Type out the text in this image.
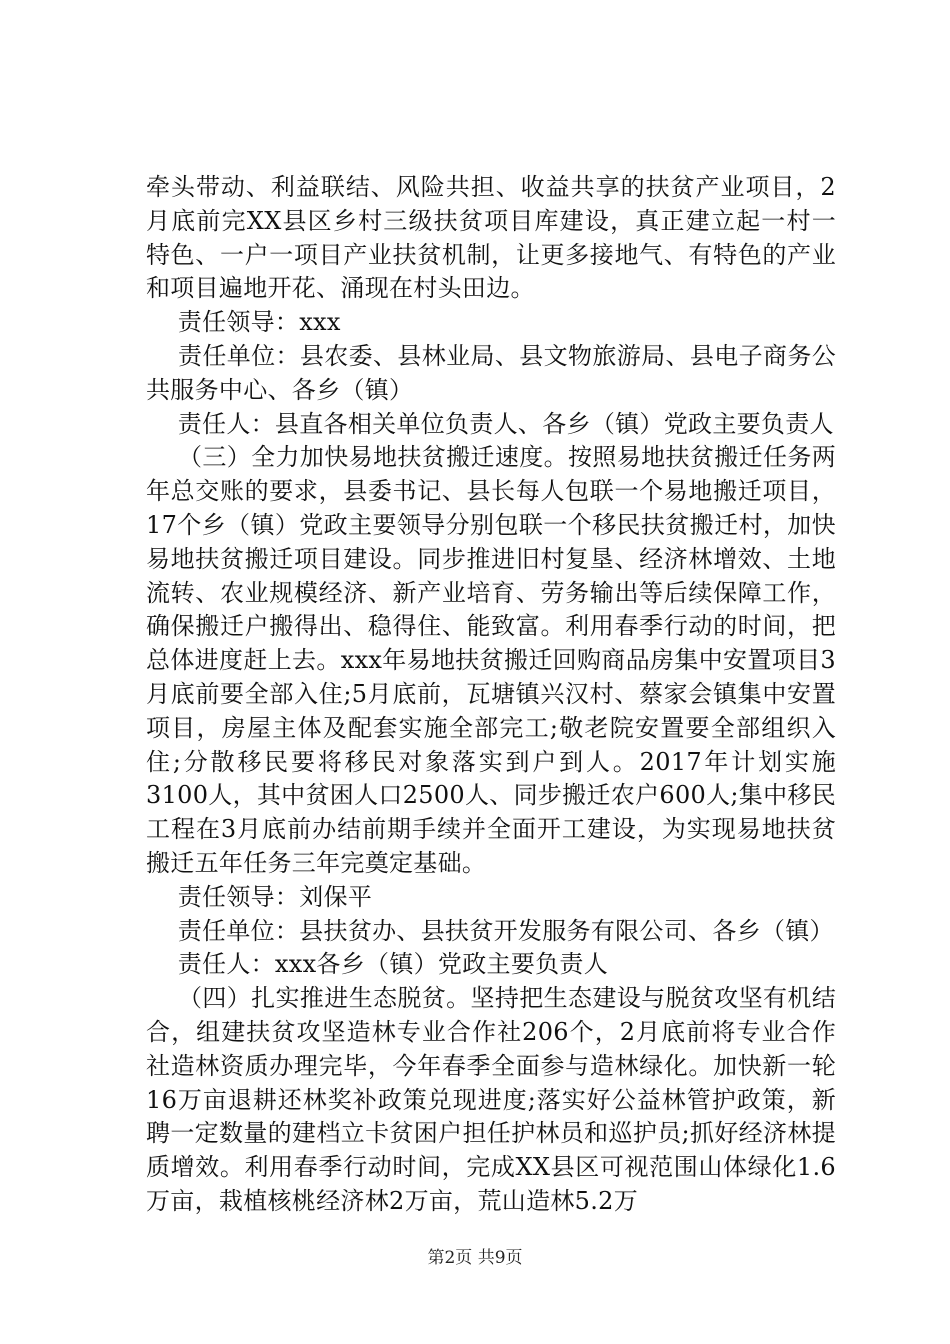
牵头带动、利益联结、风险共担、收益共享的扶贫产业项目，2月底前完XX县区乡村三级扶贫项目库建设，真正建立起一村一特色、一户一项目产业扶贫机制，让更多接地气、有特色的产业和项目遍地开花、涌现在村头田边。

责任领导：xxx

责任单位：县农委、县林业局、县文物旅游局、县电子商务公共服务中心、各乡（镇）

责任人：县直各相关单位负责人、各乡（镇）党政主要负责人

（三）全力加快易地扶贫搬迁速度。按照易地扶贫搬迁任务两年总交账的要求，县委书记、县长每人包联一个易地搬迁项目，17个乡（镇）党政主要领导分别包联一个移民扶贫搬迁村，加快易地扶贫搬迁项目建设。同步推进旧村复垦、经济林增效、土地流转、农业规模经济、新产业培育、劳务输出等后续保障工作，确保搬迁户搬得出、稳得住、能致富。利用春季行动的时间，把总体进度赶上去。xxx年易地扶贫搬迁回购商品房集中安置项目3月底前要全部入住;5月底前，瓦塘镇兴汉村、蔡家会镇集中安置项目，房屋主体及配套实施全部完工;敬老院安置要全部组织入住;分散移民要将移民对象落实到户到人。2017年计划实施3100人，其中贫困人口2500人、同步搬迁农户600人;集中移民工程在3月底前办结前期手续并全面开工建设，为实现易地扶贫搬迁五年任务三年完奠定基础。

责任领导：刘保平

责任单位：县扶贫办、县扶贫开发服务有限公司、各乡（镇）

责任人：xxx各乡（镇）党政主要负责人

（四）扎实推进生态脱贫。坚持把生态建设与脱贫攻坚有机结合，组建扶贫攻坚造林专业合作社206个，2月底前将专业合作社造林资质办理完毕，今年春季全面参与造林绿化。加快新一轮16万亩退耕还林奖补政策兑现进度;落实好公益林管护政策，新聘一定数量的建档立卡贫困户担任护林员和巡护员;抓好经济林提质增效。利用春季行动时间，完成XX县区可视范围山体绿化1.6万亩，栽植核桃经济林2万亩，荒山造林5.2万

第2页 共9页
